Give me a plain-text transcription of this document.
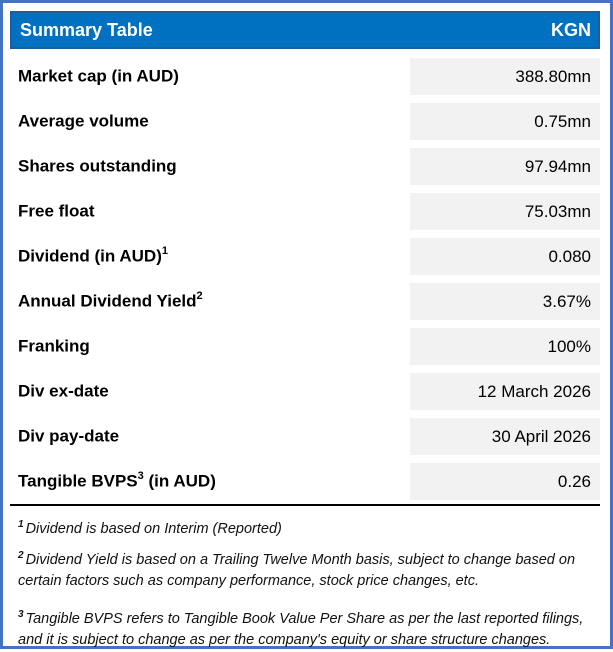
Summary Table	KGN
Market cap (in AUD)	388.80mn
Average volume	0.75mn
Shares outstanding	97.94mn
Free float	75.03mn
Dividend (in AUD)$^1$	0.080
Annual Dividend Yield$^2$	3.67%
Franking	100%
Div ex-date	12 March 2026
Div pay-date	30 April 2026
Tangible BVPS$^3$ (in AUD)	0.26

$^1$ Dividend is based on Interim (Reported)

$^2$ Dividend Yield is based on a Trailing Twelve Month basis, subject to change based on certain factors such as company performance, stock price changes, etc.

$^3$ Tangible BVPS refers to Tangible Book Value Per Share as per the last reported filings, and it is subject to change as per the company's equity or share structure changes.
